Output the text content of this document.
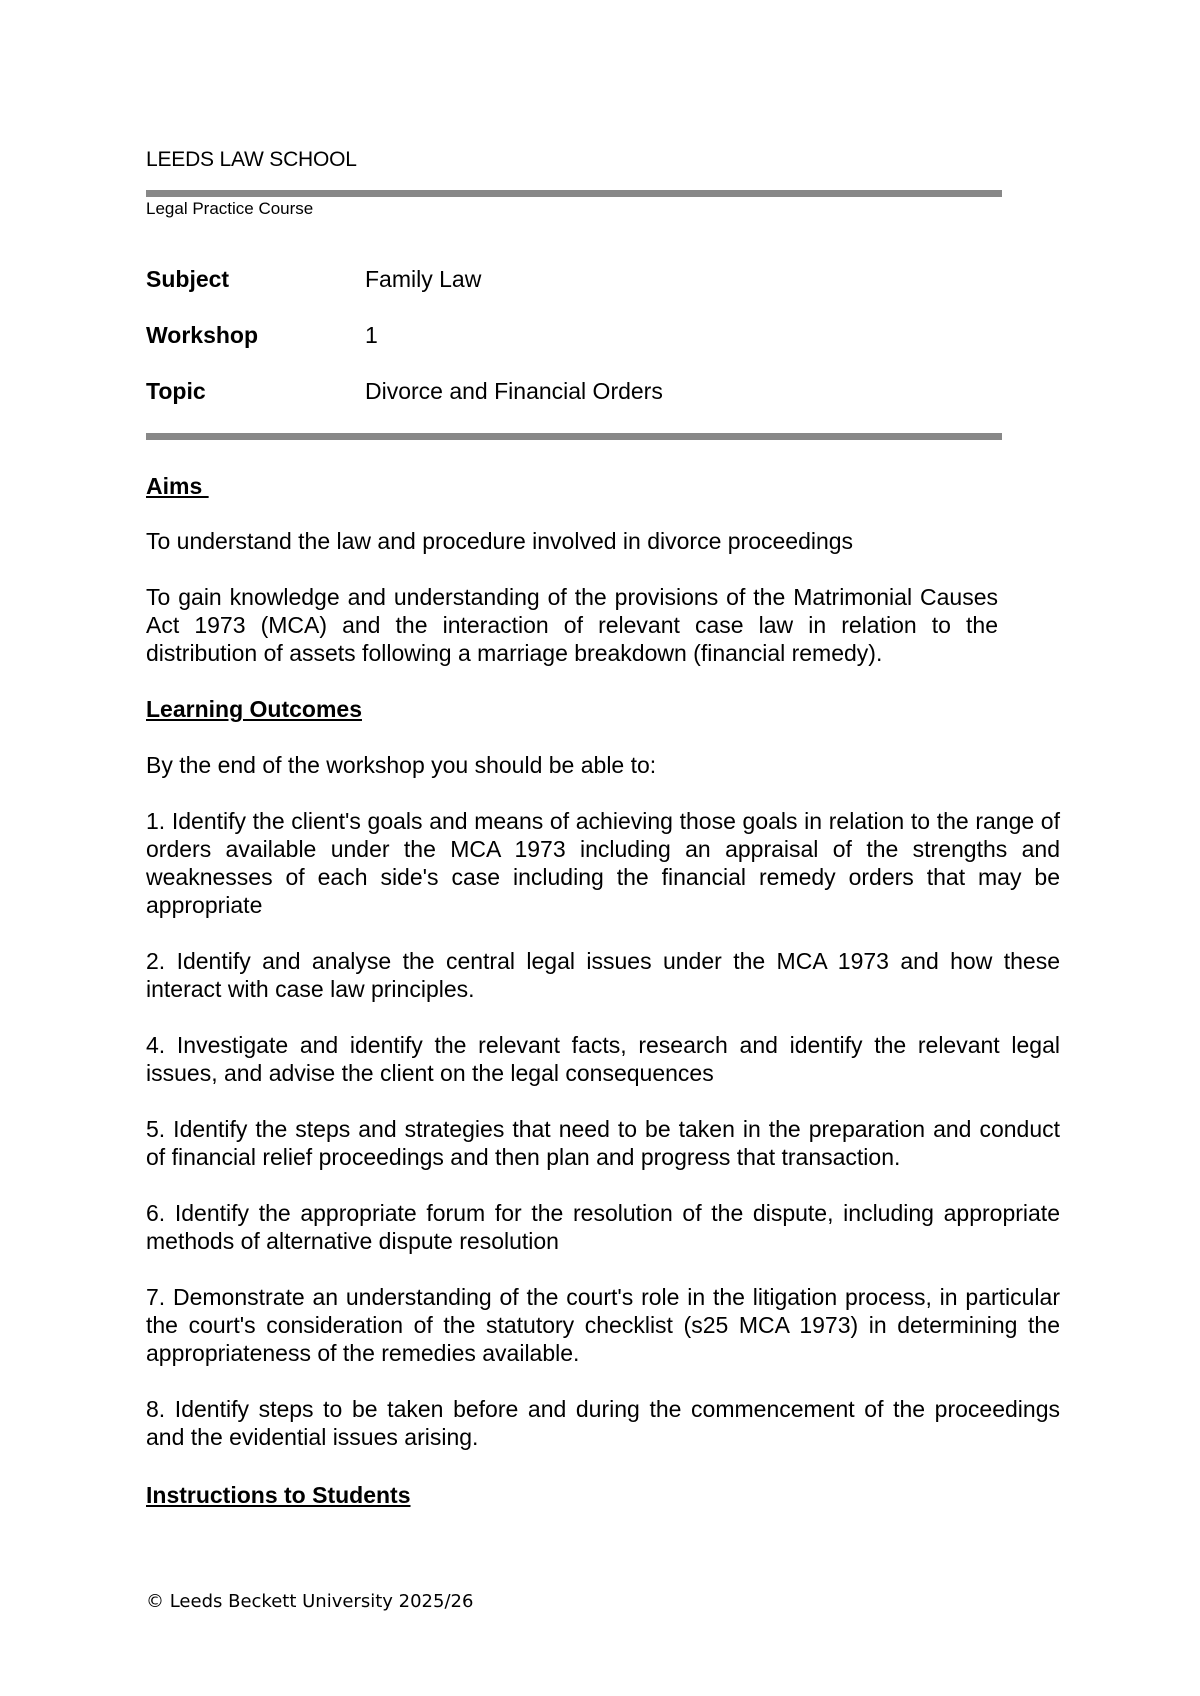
LEEDS LAW SCHOOL
Legal Practice Course
Subject	Family Law
Workshop	1
Topic	Divorce and Financial Orders
Aims
To understand the law and procedure involved in divorce proceedings
To gain knowledge and understanding of the provisions of the Matrimonial Causes Act 1973 (MCA) and the interaction of relevant case law in relation to the distribution of assets following a marriage breakdown (financial remedy).
Learning Outcomes
By the end of the workshop you should be able to:
1. Identify the client's goals and means of achieving those goals in relation to the range of orders available under the MCA 1973 including an appraisal of the strengths and weaknesses of each side's case including the financial remedy orders that may be appropriate
2. Identify and analyse the central legal issues under the MCA 1973 and how these interact with case law principles.
4. Investigate and identify the relevant facts, research and identify the relevant legal issues, and advise the client on the legal consequences
5. Identify the steps and strategies that need to be taken in the preparation and conduct of financial relief proceedings and then plan and progress that transaction.
6. Identify the appropriate forum for the resolution of the dispute, including appropriate methods of alternative dispute resolution
7. Demonstrate an understanding of the court's role in the litigation process, in particular the court's consideration of the statutory checklist (s25 MCA 1973) in determining the appropriateness of the remedies available.
8. Identify steps to be taken before and during the commencement of the proceedings and the evidential issues arising.
Instructions to Students
© Leeds Beckett University 2025/26
